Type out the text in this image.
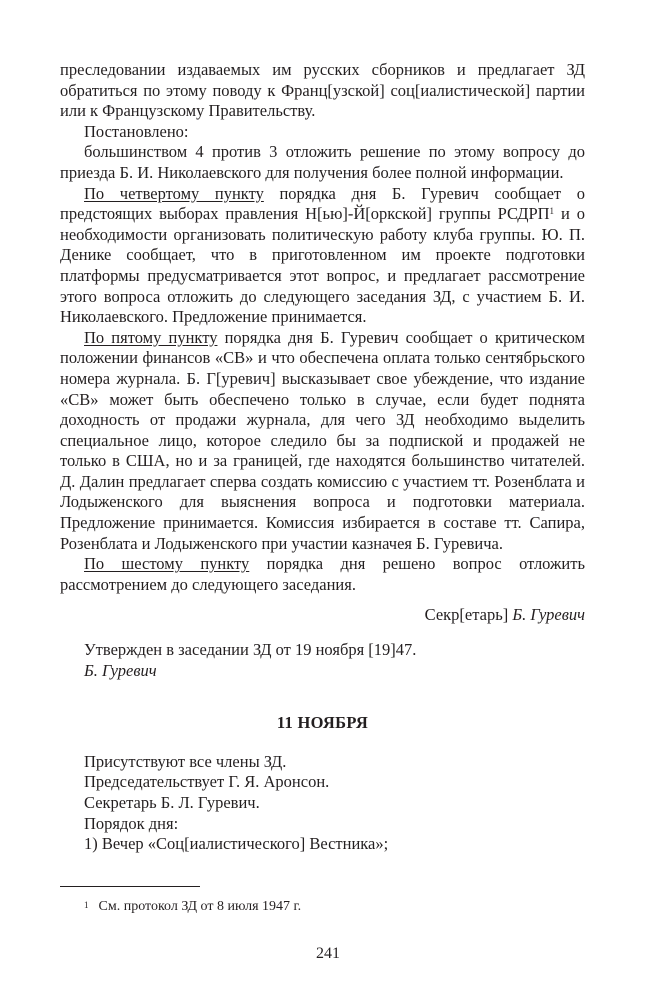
преследовании издаваемых им русских сборников и предлагает ЗД обратиться по этому поводу к Франц[узской] соц[иалистической] партии или к Французскому Правительству.

Постановлено:

большинством 4 против 3 отложить решение по этому вопросу до приезда Б. И. Николаевского для получения более полной информации.

По четвертому пункту порядка дня Б. Гуревич сообщает о предстоящих выборах правления Н[ью]-Й[оркской] группы РСДРП$^1$ и о необходимости организовать политическую работу клуба группы. Ю. П. Денике сообщает, что в приготовленном им проекте подготовки платформы предусматривается этот вопрос, и предлагает рассмотрение этого вопроса отложить до следующего заседания ЗД, с участием Б. И. Николаевского. Предложение принимается.

По пятому пункту порядка дня Б. Гуревич сообщает о критическом положении финансов «СВ» и что обеспечена оплата только сентябрьского номера журнала. Б. Г[уревич] высказывает свое убеждение, что издание «СВ» может быть обеспечено только в случае, если будет поднята доходность от продажи журнала, для чего ЗД необходимо выделить специальное лицо, которое следило бы за подпиской и продажей не только в США, но и за границей, где находятся большинство читателей. Д. Далин предлагает сперва создать комиссию с участием тт. Розенблата и Лодыженского для выяснения вопроса и подготовки материала. Предложение принимается. Комиссия избирается в составе тт. Сапира, Розенблата и Лодыженского при участии казначея Б. Гуревича.

По шестому пункту порядка дня решено вопрос отложить рассмотрением до следующего заседания.

Секр[етарь] Б. Гуревич

Утвержден в заседании ЗД от 19 ноября [19]47.

Б. Гуревич

11 НОЯБРЯ

Присутствуют все члены ЗД.

Председательствует Г. Я. Аронсон.

Секретарь Б. Л. Гуревич.

Порядок дня:

1) Вечер «Соц[иалистического] Вестника»;

$^1$ См. протокол ЗД от 8 июля 1947 г.
241
